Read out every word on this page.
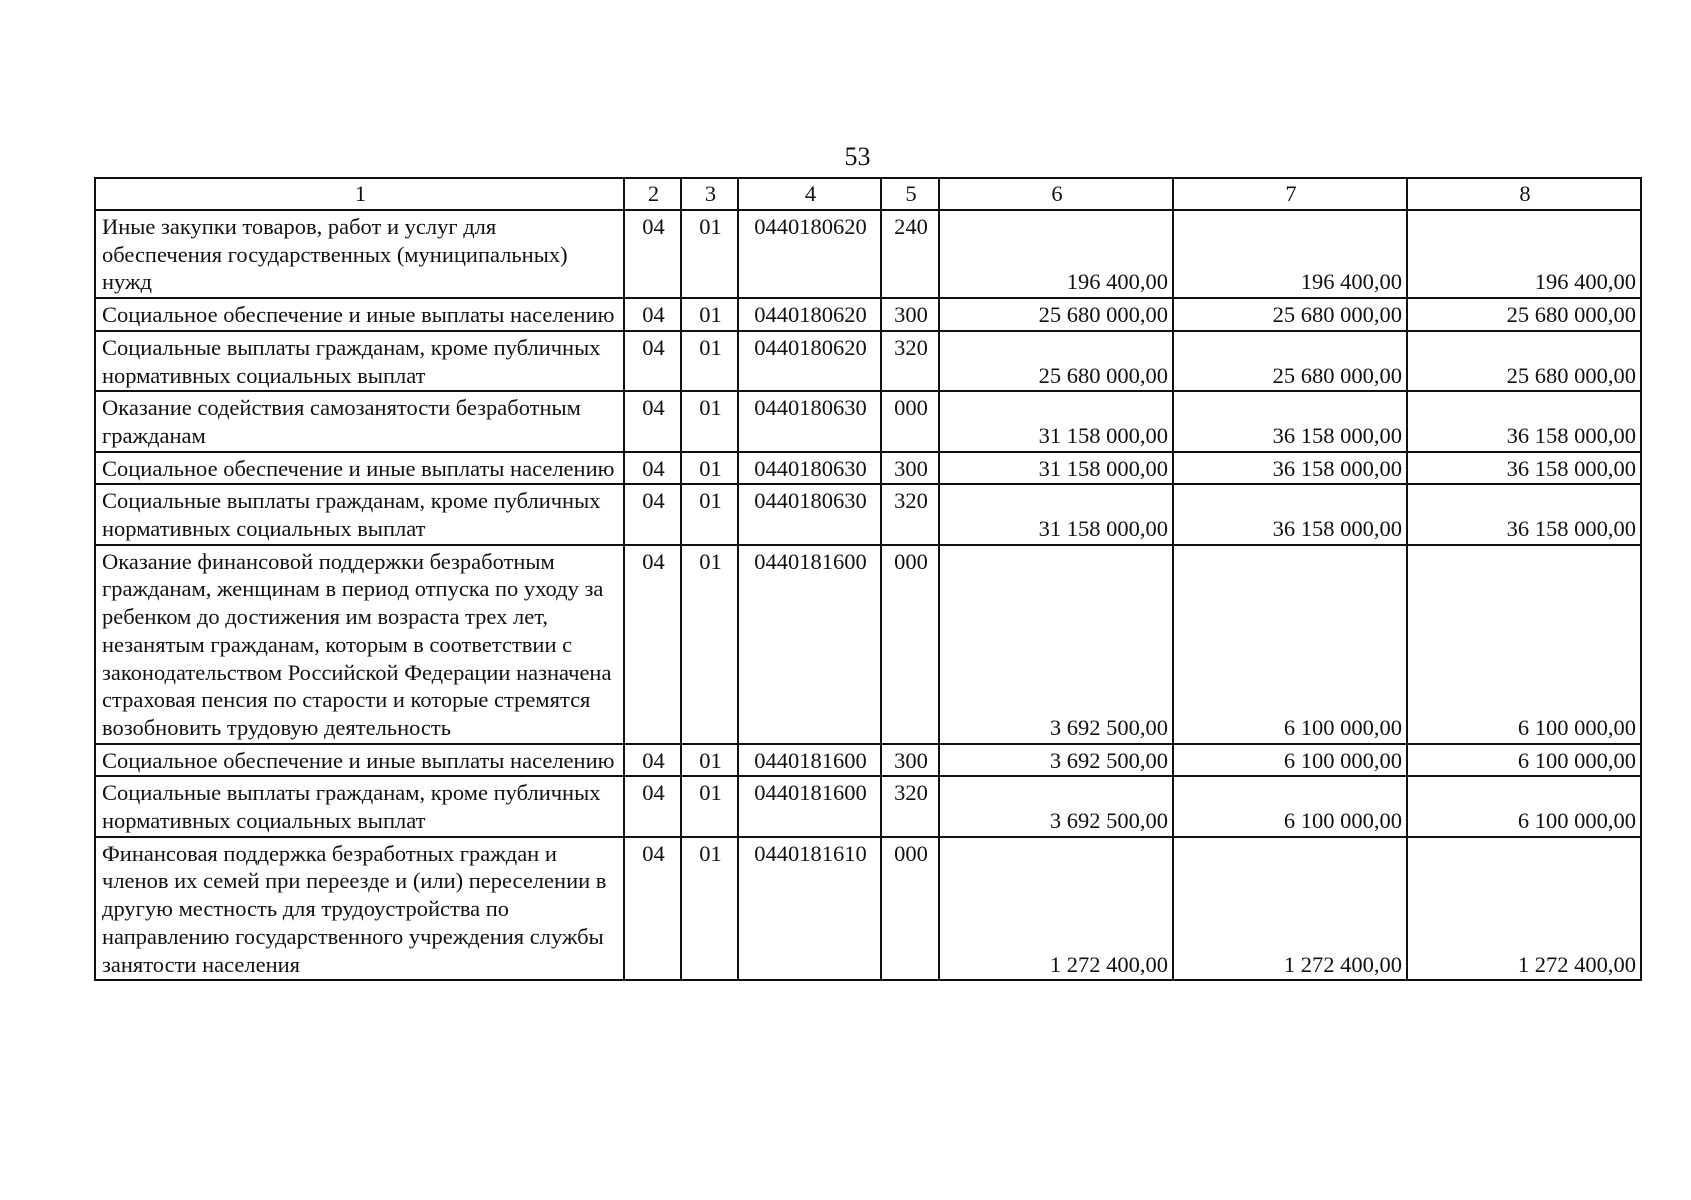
53
1	2	3	4	5	6	7	8
Иные закупки товаров, работ и услуг для обеспечения государственных (муниципальных) нужд	04	01	0440180620	240	196 400,00	196 400,00	196 400,00
Социальное обеспечение и иные выплаты населению	04	01	0440180620	300	25 680 000,00	25 680 000,00	25 680 000,00
Социальные выплаты гражданам, кроме публичных нормативных социальных выплат	04	01	0440180620	320	25 680 000,00	25 680 000,00	25 680 000,00
Оказание содействия самозанятости безработным гражданам	04	01	0440180630	000	31 158 000,00	36 158 000,00	36 158 000,00
Социальное обеспечение и иные выплаты населению	04	01	0440180630	300	31 158 000,00	36 158 000,00	36 158 000,00
Социальные выплаты гражданам, кроме публичных нормативных социальных выплат	04	01	0440180630	320	31 158 000,00	36 158 000,00	36 158 000,00
Оказание финансовой поддержки безработным гражданам, женщинам в период отпуска по уходу за ребенком до достижения им возраста трех лет, незанятым гражданам, которым в соответствии с законодательством Российской Федерации назначена страховая пенсия по старости и которые стремятся возобновить трудовую деятельность	04	01	0440181600	000	3 692 500,00	6 100 000,00	6 100 000,00
Социальное обеспечение и иные выплаты населению	04	01	0440181600	300	3 692 500,00	6 100 000,00	6 100 000,00
Социальные выплаты гражданам, кроме публичных нормативных социальных выплат	04	01	0440181600	320	3 692 500,00	6 100 000,00	6 100 000,00
Финансовая поддержка безработных граждан и членов их семей при переезде и (или) переселении в другую местность для трудоустройства по направлению государственного учреждения службы занятости населения	04	01	0440181610	000	1 272 400,00	1 272 400,00	1 272 400,00
